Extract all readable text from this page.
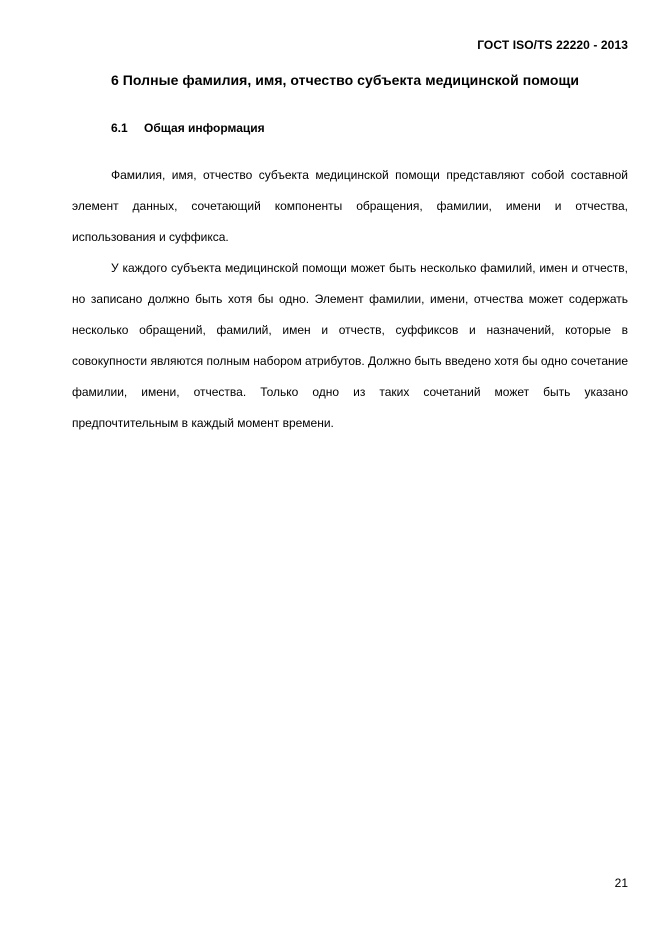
ГОСТ ISO/TS 22220 - 2013
6 Полные фамилия, имя, отчество субъекта медицинской помощи
6.1 Общая информация

Фамилия, имя, отчество субъекта медицинской помощи представляют собой составной элемент данных, сочетающий компоненты обращения, фамилии, имени и отчества, использования и суффикса.

У каждого субъекта медицинской помощи может быть несколько фамилий, имен и отчеств, но записано должно быть хотя бы одно. Элемент фамилии, имени, отчества может содержать несколько обращений, фамилий, имен и отчеств, суффиксов и назначений, которые в совокупности являются полным набором атрибутов. Должно быть введено хотя бы одно сочетание фамилии, имени, отчества. Только одно из таких сочетаний может быть указано предпочтительным в каждый момент времени.

21
